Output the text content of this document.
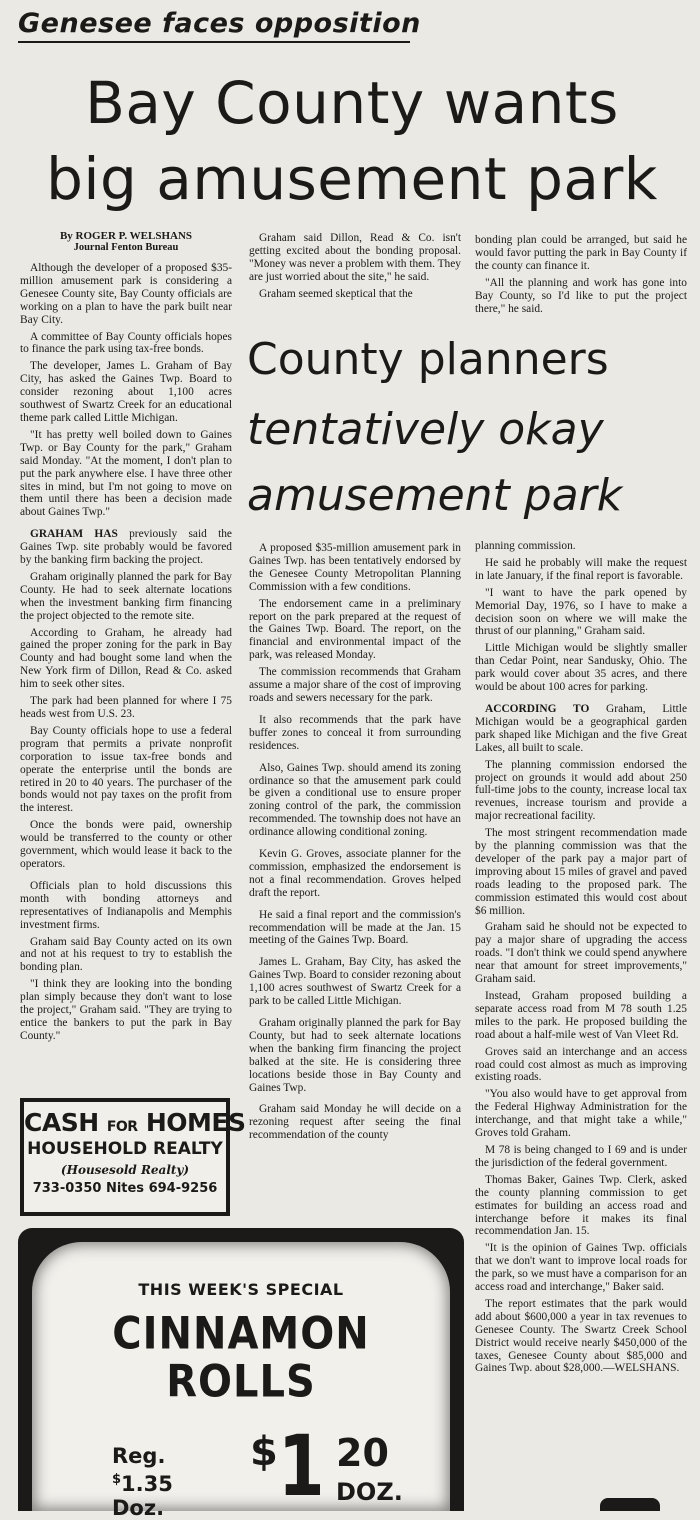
Genesee faces opposition
Bay County wants
big amusement park
By ROGER P. WELSHANS
Journal Fenton Bureau

Although the developer of a proposed $35-million amusement park is considering a Genesee County site, Bay County officials are working on a plan to have the park built near Bay City.

A committee of Bay County officials hopes to finance the park using tax-free bonds.

The developer, James L. Graham of Bay City, has asked the Gaines Twp. Board to consider rezoning about 1,100 acres southwest of Swartz Creek for an educational theme park called Little Michigan.

"It has pretty well boiled down to Gaines Twp. or Bay County for the park," Graham said Monday. "At the moment, I don't plan to put the park anywhere else. I have three other sites in mind, but I'm not going to move on them until there has been a decision made about Gaines Twp."

GRAHAM HAS previously said the Gaines Twp. site probably would be favored by the banking firm backing the project.

Graham originally planned the park for Bay County. He had to seek alternate locations when the investment banking firm financing the project objected to the remote site.

According to Graham, he already had gained the proper zoning for the park in Bay County and had bought some land when the New York firm of Dillon, Read & Co. asked him to seek other sites.

The park had been planned for where I 75 heads west from U.S. 23.

Bay County officials hope to use a federal program that permits a private nonprofit corporation to issue tax-free bonds and operate the enterprise until the bonds are retired in 20 to 40 years. The purchaser of the bonds would not pay taxes on the profit from the interest.

Once the bonds were paid, ownership would be transferred to the county or other government, which would lease it back to the operators.

Officials plan to hold discussions this month with bonding attorneys and representatives of Indianapolis and Memphis investment firms.

Graham said Bay County acted on its own and not at his request to try to establish the bonding plan.

"I think they are looking into the bonding plan simply because they don't want to lose the project," Graham said. "They are trying to entice the bankers to put the park in Bay County."

Graham said Dillon, Read & Co. isn't getting excited about the bonding proposal. "Money was never a problem with them. They are just worried about the site," he said.

Graham seemed skeptical that the

bonding plan could be arranged, but said he would favor putting the park in Bay County if the county can finance it.

"All the planning and work has gone into Bay County, so I'd like to put the project there," he said.

County planners
tentatively okay
amusement park

A proposed $35-million amusement park in Gaines Twp. has been tentatively endorsed by the Genesee County Metropolitan Planning Commission with a few conditions.

The endorsement came in a preliminary report on the park prepared at the request of the Gaines Twp. Board. The report, on the financial and environmental impact of the park, was released Monday.

The commission recommends that Graham assume a major share of the cost of improving roads and sewers necessary for the park.

It also recommends that the park have buffer zones to conceal it from surrounding residences.

Also, Gaines Twp. should amend its zoning ordinance so that the amusement park could be given a conditional use to ensure proper zoning control of the park, the commission recommended. The township does not have an ordinance allowing conditional zoning.

Kevin G. Groves, associate planner for the commission, emphasized the endorsement is not a final recommendation. Groves helped draft the report.

He said a final report and the commission's recommendation will be made at the Jan. 15 meeting of the Gaines Twp. Board.

James L. Graham, Bay City, has asked the Gaines Twp. Board to consider rezoning about 1,100 acres southwest of Swartz Creek for a park to be called Little Michigan.

Graham originally planned the park for Bay County, but had to seek alternate locations when the banking firm financing the project balked at the site. He is considering three locations beside those in Bay County and Gaines Twp.

Graham said Monday he will decide on a rezoning request after seeing the final recommendation of the county

planning commission.

He said he probably will make the request in late January, if the final report is favorable.

"I want to have the park opened by Memorial Day, 1976, so I have to make a decision soon on where we will make the thrust of our planning," Graham said.

Little Michigan would be slightly smaller than Cedar Point, near Sandusky, Ohio. The park would cover about 35 acres, and there would be about 100 acres for parking.

ACCORDING TO Graham, Little Michigan would be a geographical garden park shaped like Michigan and the five Great Lakes, all built to scale.

The planning commission endorsed the project on grounds it would add about 250 full-time jobs to the county, increase local tax revenues, increase tourism and provide a major recreational facility.

The most stringent recommendation made by the planning commission was that the developer of the park pay a major part of improving about 15 miles of gravel and paved roads leading to the proposed park. The commission estimated this would cost about $6 million.

Graham said he should not be expected to pay a major share of upgrading the access roads. "I don't think we could spend anywhere near that amount for street improvements," Graham said.

Instead, Graham proposed building a separate access road from M 78 south 1.25 miles to the park. He proposed building the road about a half-mile west of Van Vleet Rd.

Groves said an interchange and an access road could cost almost as much as improving existing roads.

"You also would have to get approval from the Federal Highway Administration for the interchange, and that might take a while," Groves told Graham.

M 78 is being changed to I 69 and is under the jurisdiction of the federal government.

Thomas Baker, Gaines Twp. Clerk, asked the county planning commission to get estimates for building an access road and interchange before it makes its final recommendation Jan. 15.

"It is the opinion of Gaines Twp. officials that we don't want to improve local roads for the park, so we must have a comparison for an access road and interchange," Baker said.

The report estimates that the park would add about $600,000 a year in tax revenues to Genesee County. The Swartz Creek School District would receive nearly $450,000 of the taxes, Genesee County about $85,000 and Gaines Twp. about $28,000.—WELSHANS.

CASH FOR HOMES
HOUSEHOLD REALTY
(Housesold Realty)
733-0350 Nites 694-9256
THIS WEEK'S SPECIAL
CINNAMON
ROLLS
Reg.
$1.35
Doz.
$1 20
DOZ.
